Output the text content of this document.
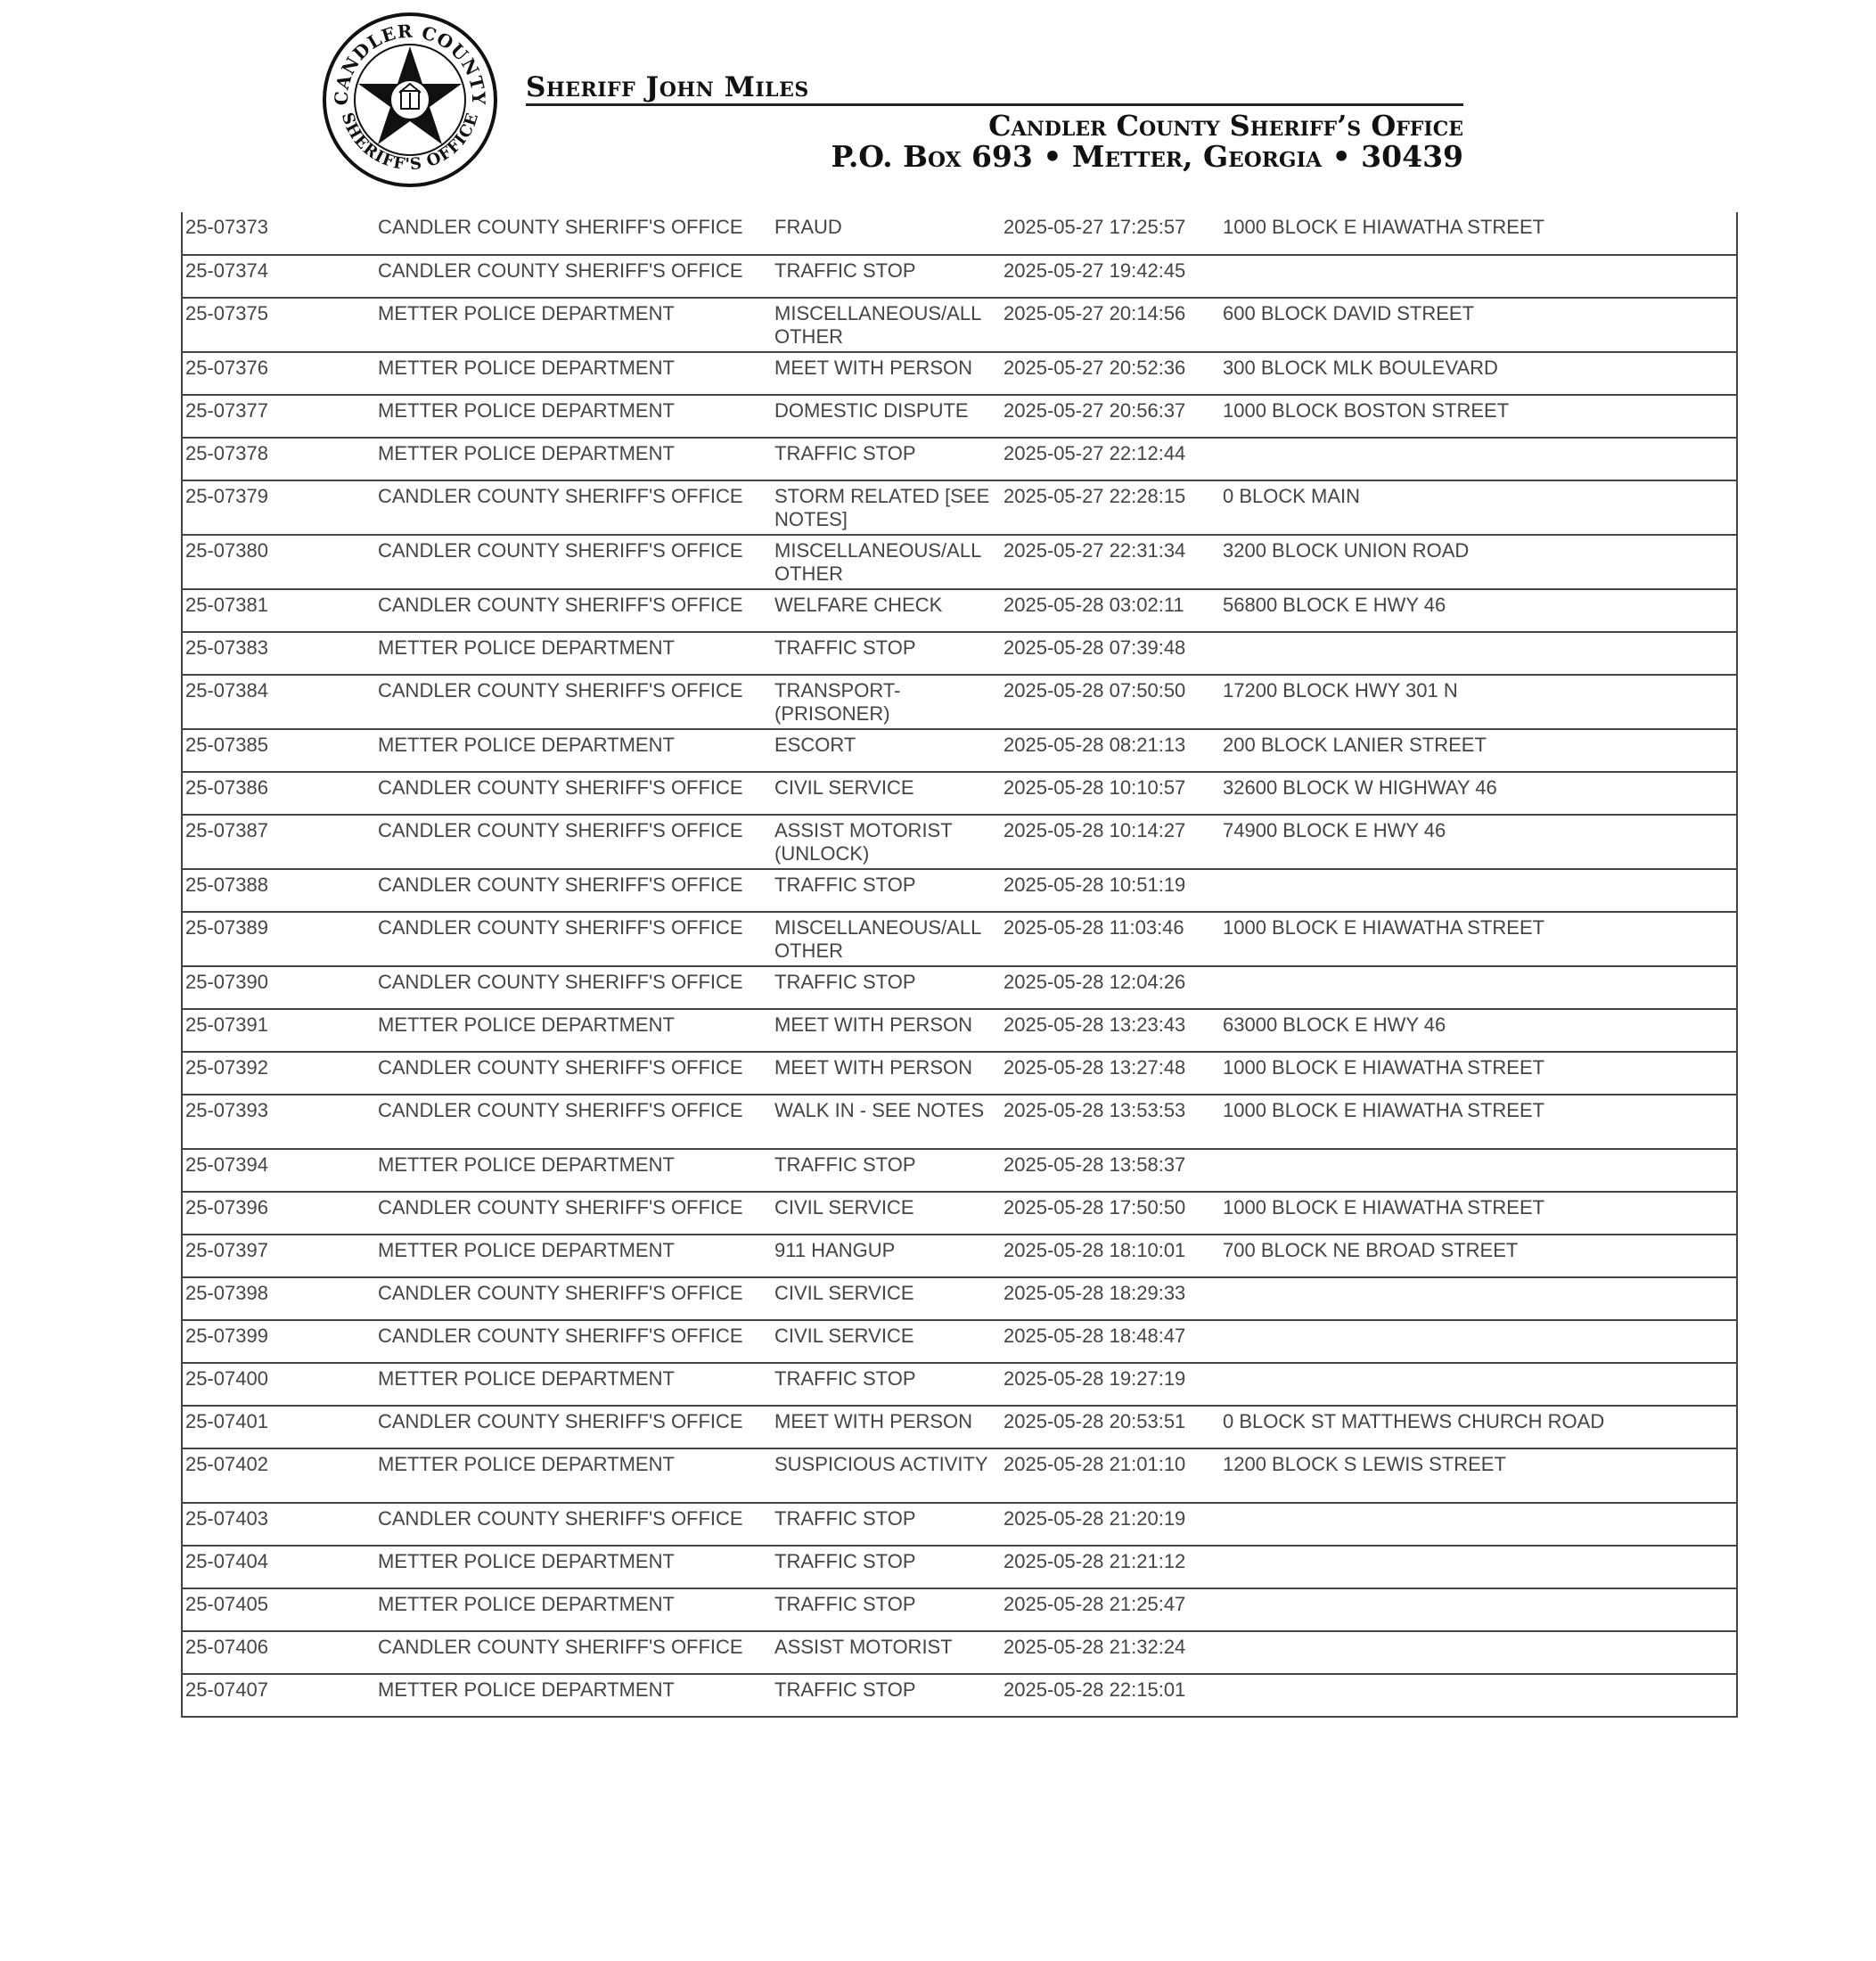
CANDLER COUNTY
SHERIFF'S OFFICE
Sheriff John Miles
Candler County Sheriff’s Office
P.O. Box 693 • Metter, Georgia • 30439
25-07373	CANDLER COUNTY SHERIFF'S OFFICE	FRAUD	2025-05-27 17:25:57	1000 BLOCK E HIAWATHA STREET
25-07374	CANDLER COUNTY SHERIFF'S OFFICE	TRAFFIC STOP	2025-05-27 19:42:45	
25-07375	METTER POLICE DEPARTMENT	MISCELLANEOUS/ALL OTHER	2025-05-27 20:14:56	600 BLOCK DAVID STREET
25-07376	METTER POLICE DEPARTMENT	MEET WITH PERSON	2025-05-27 20:52:36	300 BLOCK MLK BOULEVARD
25-07377	METTER POLICE DEPARTMENT	DOMESTIC DISPUTE	2025-05-27 20:56:37	1000 BLOCK BOSTON STREET
25-07378	METTER POLICE DEPARTMENT	TRAFFIC STOP	2025-05-27 22:12:44	
25-07379	CANDLER COUNTY SHERIFF'S OFFICE	STORM RELATED [SEE NOTES]	2025-05-27 22:28:15	0 BLOCK MAIN
25-07380	CANDLER COUNTY SHERIFF'S OFFICE	MISCELLANEOUS/ALL OTHER	2025-05-27 22:31:34	3200 BLOCK UNION ROAD
25-07381	CANDLER COUNTY SHERIFF'S OFFICE	WELFARE CHECK	2025-05-28 03:02:11	56800 BLOCK E HWY 46
25-07383	METTER POLICE DEPARTMENT	TRAFFIC STOP	2025-05-28 07:39:48	
25-07384	CANDLER COUNTY SHERIFF'S OFFICE	TRANSPORT-(PRISONER)	2025-05-28 07:50:50	17200 BLOCK HWY 301 N
25-07385	METTER POLICE DEPARTMENT	ESCORT	2025-05-28 08:21:13	200 BLOCK LANIER STREET
25-07386	CANDLER COUNTY SHERIFF'S OFFICE	CIVIL SERVICE	2025-05-28 10:10:57	32600 BLOCK W HIGHWAY 46
25-07387	CANDLER COUNTY SHERIFF'S OFFICE	ASSIST MOTORIST (UNLOCK)	2025-05-28 10:14:27	74900 BLOCK E HWY 46
25-07388	CANDLER COUNTY SHERIFF'S OFFICE	TRAFFIC STOP	2025-05-28 10:51:19	
25-07389	CANDLER COUNTY SHERIFF'S OFFICE	MISCELLANEOUS/ALL OTHER	2025-05-28 11:03:46	1000 BLOCK E HIAWATHA STREET
25-07390	CANDLER COUNTY SHERIFF'S OFFICE	TRAFFIC STOP	2025-05-28 12:04:26	
25-07391	METTER POLICE DEPARTMENT	MEET WITH PERSON	2025-05-28 13:23:43	63000 BLOCK E HWY 46
25-07392	CANDLER COUNTY SHERIFF'S OFFICE	MEET WITH PERSON	2025-05-28 13:27:48	1000 BLOCK E HIAWATHA STREET
25-07393	CANDLER COUNTY SHERIFF'S OFFICE	WALK IN - SEE NOTES	2025-05-28 13:53:53	1000 BLOCK E HIAWATHA STREET
25-07394	METTER POLICE DEPARTMENT	TRAFFIC STOP	2025-05-28 13:58:37	
25-07396	CANDLER COUNTY SHERIFF'S OFFICE	CIVIL SERVICE	2025-05-28 17:50:50	1000 BLOCK E HIAWATHA STREET
25-07397	METTER POLICE DEPARTMENT	911 HANGUP	2025-05-28 18:10:01	700 BLOCK NE BROAD STREET
25-07398	CANDLER COUNTY SHERIFF'S OFFICE	CIVIL SERVICE	2025-05-28 18:29:33	
25-07399	CANDLER COUNTY SHERIFF'S OFFICE	CIVIL SERVICE	2025-05-28 18:48:47	
25-07400	METTER POLICE DEPARTMENT	TRAFFIC STOP	2025-05-28 19:27:19	
25-07401	CANDLER COUNTY SHERIFF'S OFFICE	MEET WITH PERSON	2025-05-28 20:53:51	0 BLOCK ST MATTHEWS CHURCH ROAD
25-07402	METTER POLICE DEPARTMENT	SUSPICIOUS ACTIVITY	2025-05-28 21:01:10	1200 BLOCK S LEWIS STREET
25-07403	CANDLER COUNTY SHERIFF'S OFFICE	TRAFFIC STOP	2025-05-28 21:20:19	
25-07404	METTER POLICE DEPARTMENT	TRAFFIC STOP	2025-05-28 21:21:12	
25-07405	METTER POLICE DEPARTMENT	TRAFFIC STOP	2025-05-28 21:25:47	
25-07406	CANDLER COUNTY SHERIFF'S OFFICE	ASSIST MOTORIST	2025-05-28 21:32:24	
25-07407	METTER POLICE DEPARTMENT	TRAFFIC STOP	2025-05-28 22:15:01	
